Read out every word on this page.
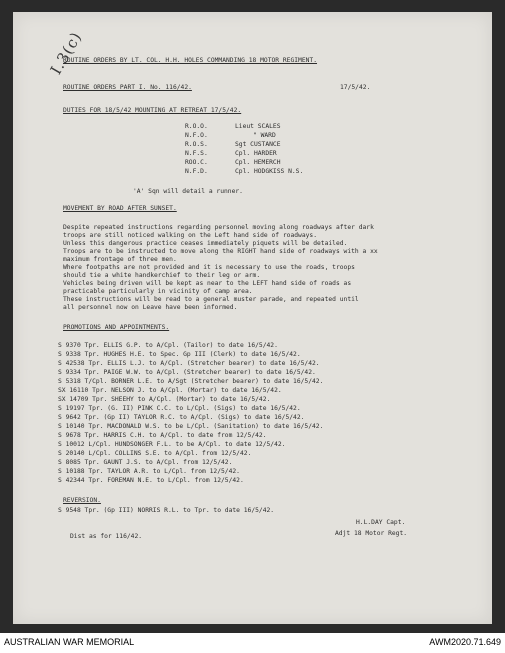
I.3(c)
ROUTINE ORDERS BY LT. COL. H.H. HOLES COMMANDING 18 MOTOR REGIMENT.
ROUTINE ORDERS PART I. No. 116/42.	17/5/42.
DUTIES FOR 18/5/42 MOUNTING AT RETREAT 17/5/42.
R.O.O.	Lieut SCALES
N.F.O.	" WARD
R.O.S.	Sgt CUSTANCE
N.F.S.	Cpl. HARDER
ROO.C.	Cpl. HEMERCH
N.F.D.	Cpl. HODGKISS N.S.
'A' Sqn will detail a runner.
MOVEMENT BY ROAD AFTER SUNSET.
Despite repeated instructions regarding personnel moving along roadways after dark
troops are still noticed walking on the Left hand side of roadways.
Unless this dangerous practice ceases immediately piquets will be detailed.
Troops are to be instructed to move along the RIGHT hand side of roadways with a xx
maximum frontage of three men.
Where footpaths are not provided and it is necessary to use the roads, troops
should tie a white handkerchief to their leg or arm.
Vehicles being driven will be kept as near to the LEFT hand side of roads as
practicable particularly in vicinity of camp area.
These instructions will be read to a general muster parade, and repeated until
all personnel now on Leave have been informed.
PROMOTIONS AND APPOINTMENTS.
S 9370 Tpr. ELLIS G.P. to A/Cpl. (Tailor) to date 16/5/42.
S 9338 Tpr. HUGHES H.E. to Spec. Gp III (Clerk) to date 16/5/42.
S 42538 Tpr. ELLIS L.J. to A/Cpl. (Stretcher bearer) to date 16/5/42.
S 9334 Tpr. PAIGE W.W. to A/Cpl. (Stretcher bearer) to date 16/5/42.
S 5318 T/Cpl. BORNER L.E. to A/Sgt (Stretcher bearer) to date 16/5/42.
SX 16110 Tpr. NELSON J. to A/Cpl. (Mortar) to date 16/5/42.
SX 14709 Tpr. SHEEHY to A/Cpl. (Mortar) to date 16/5/42.
S 19197 Tpr. (G. II) PINK C.C. to L/Cpl. (Sigs) to date 16/5/42.
S 9642 Tpr. (Gp II) TAYLOR R.C. to A/Cpl. (Sigs) to date 16/5/42.
S 10140 Tpr. MACDONALD W.S. to be L/Cpl. (Sanitation) to date 16/5/42.
S 9678 Tpr. HARRIS C.H. to A/Cpl. to date from 12/5/42.
S 10012 L/Cpl. HUNDSONGER F.L. to be A/Cpl. to date 12/5/42.
S 20140 L/Cpl. COLLINS S.E. to A/Cpl. from 12/5/42.
S 8085 Tpr. GAUNT J.S. to A/Cpl. from 12/5/42.
S 10188 Tpr. TAYLOR A.R. to L/Cpl. from 12/5/42.
S 42344 Tpr. FOREMAN N.E. to L/Cpl. from 12/5/42.
REVERSION.
S 9548 Tpr. (Gp III) NORRIS R.L. to Tpr. to date 16/5/42.
H.L.DAY Capt.
Adjt 18 Motor Regt.
Dist as for 116/42.
AUSTRALIAN WAR MEMORIAL	AWM2020.71.649
